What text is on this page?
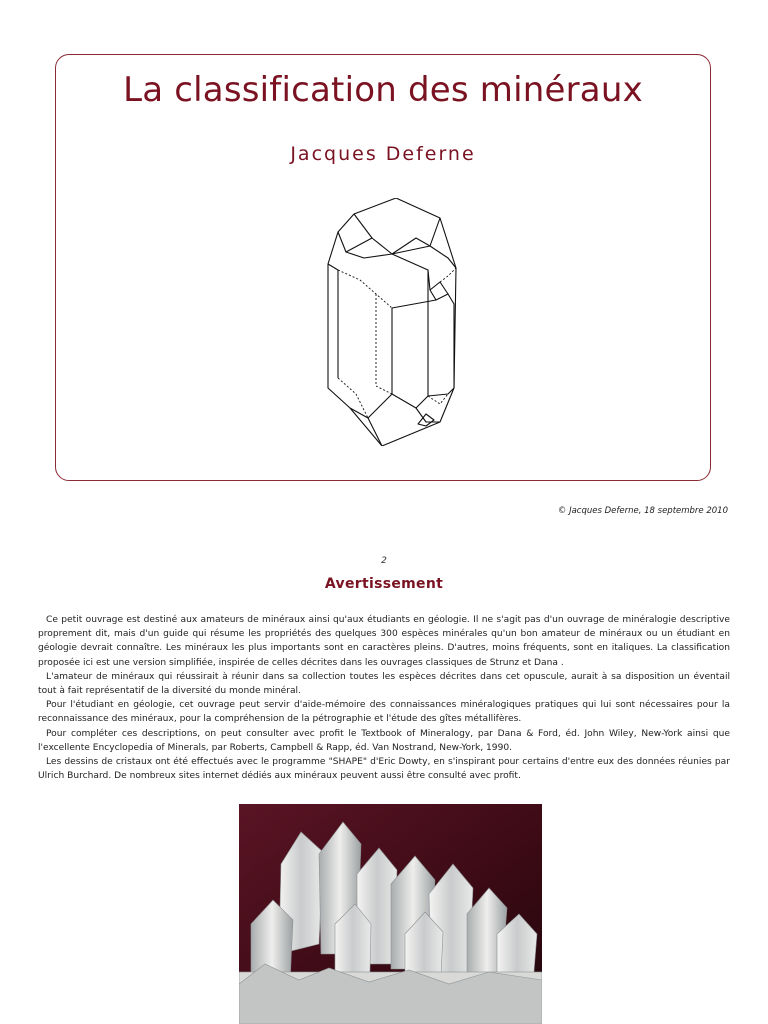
La classification des minéraux
Jacques Deferne
© Jacques Deferne, 18 septembre 2010
2
Avertissement

Ce petit ouvrage est destiné aux amateurs de minéraux ainsi qu'aux étudiants en géologie. Il ne s'agit pas d'un ouvrage de minéralogie descriptive proprement dit, mais d'un guide qui résume les propriétés des quelques 300 espèces minérales qu'un bon amateur de minéraux ou un étudiant en géologie devrait connaître. Les minéraux les plus importants sont en caractères pleins. D'autres, moins fréquents, sont en italiques. La classification proposée ici est une version simplifiée, inspirée de celles décrites dans les ouvrages classiques de Strunz et Dana .

L'amateur de minéraux qui réussirait à réunir dans sa collection toutes les espèces décrites dans cet opuscule, aurait à sa disposition un éventail tout à fait représentatif de la diversité du monde minéral.

Pour l'étudiant en géologie, cet ouvrage peut servir d'aide-mémoire des connaissances minéralogiques pratiques qui lui sont nécessaires pour la reconnaissance des minéraux, pour la compréhension de la pétrographie et l'étude des gîtes métallifères.

Pour compléter ces descriptions, on peut consulter avec profit le Textbook of Mineralogy, par Dana & Ford, éd. John Wiley, New-York ainsi que l'excellente Encyclopedia of Minerals, par Roberts, Campbell & Rapp, éd. Van Nostrand, New-York, 1990.

Les dessins de cristaux ont été effectués avec le programme "SHAPE" d'Eric Dowty, en s'inspirant pour certains d'entre eux des données réunies par Ulrich Burchard. De nombreux sites internet dédiés aux minéraux peuvent aussi être consulté avec profit.
